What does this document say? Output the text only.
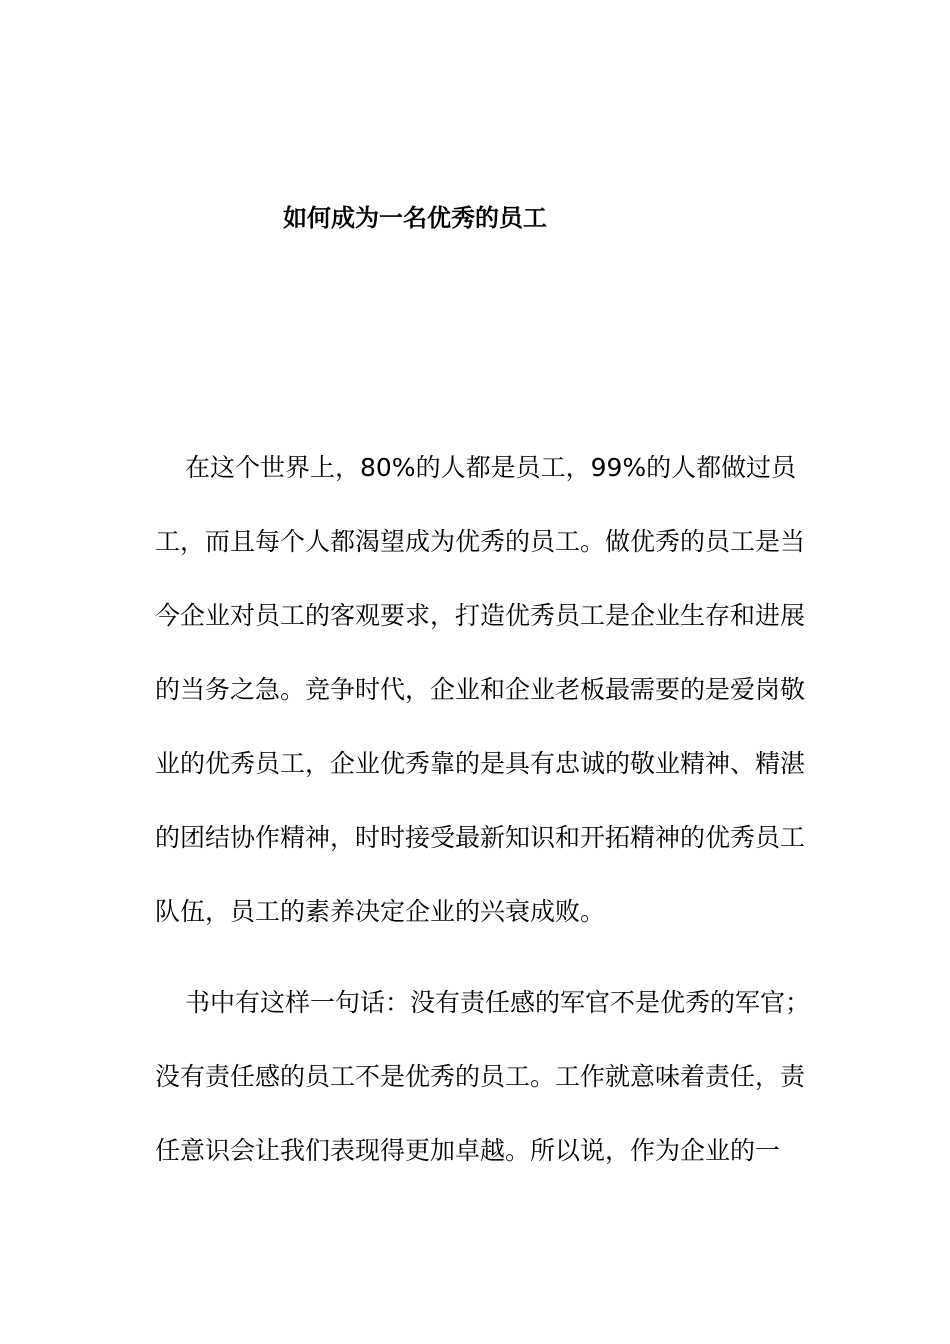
如何成为一名优秀的员工
在这个世界上，80%的人都是员工，99%的人都做过员
工，而且每个人都渴望成为优秀的员工。做优秀的员工是当
今企业对员工的客观要求，打造优秀员工是企业生存和进展
的当务之急。竞争时代，企业和企业老板最需要的是爱岗敬
业的优秀员工，企业优秀靠的是具有忠诚的敬业精神、精湛
的团结协作精神，时时接受最新知识和开拓精神的优秀员工
队伍，员工的素养决定企业的兴衰成败。
书中有这样一句话：没有责任感的军官不是优秀的军官；
没有责任感的员工不是优秀的员工。工作就意味着责任，责
任意识会让我们表现得更加卓越。所以说，作为企业的一
